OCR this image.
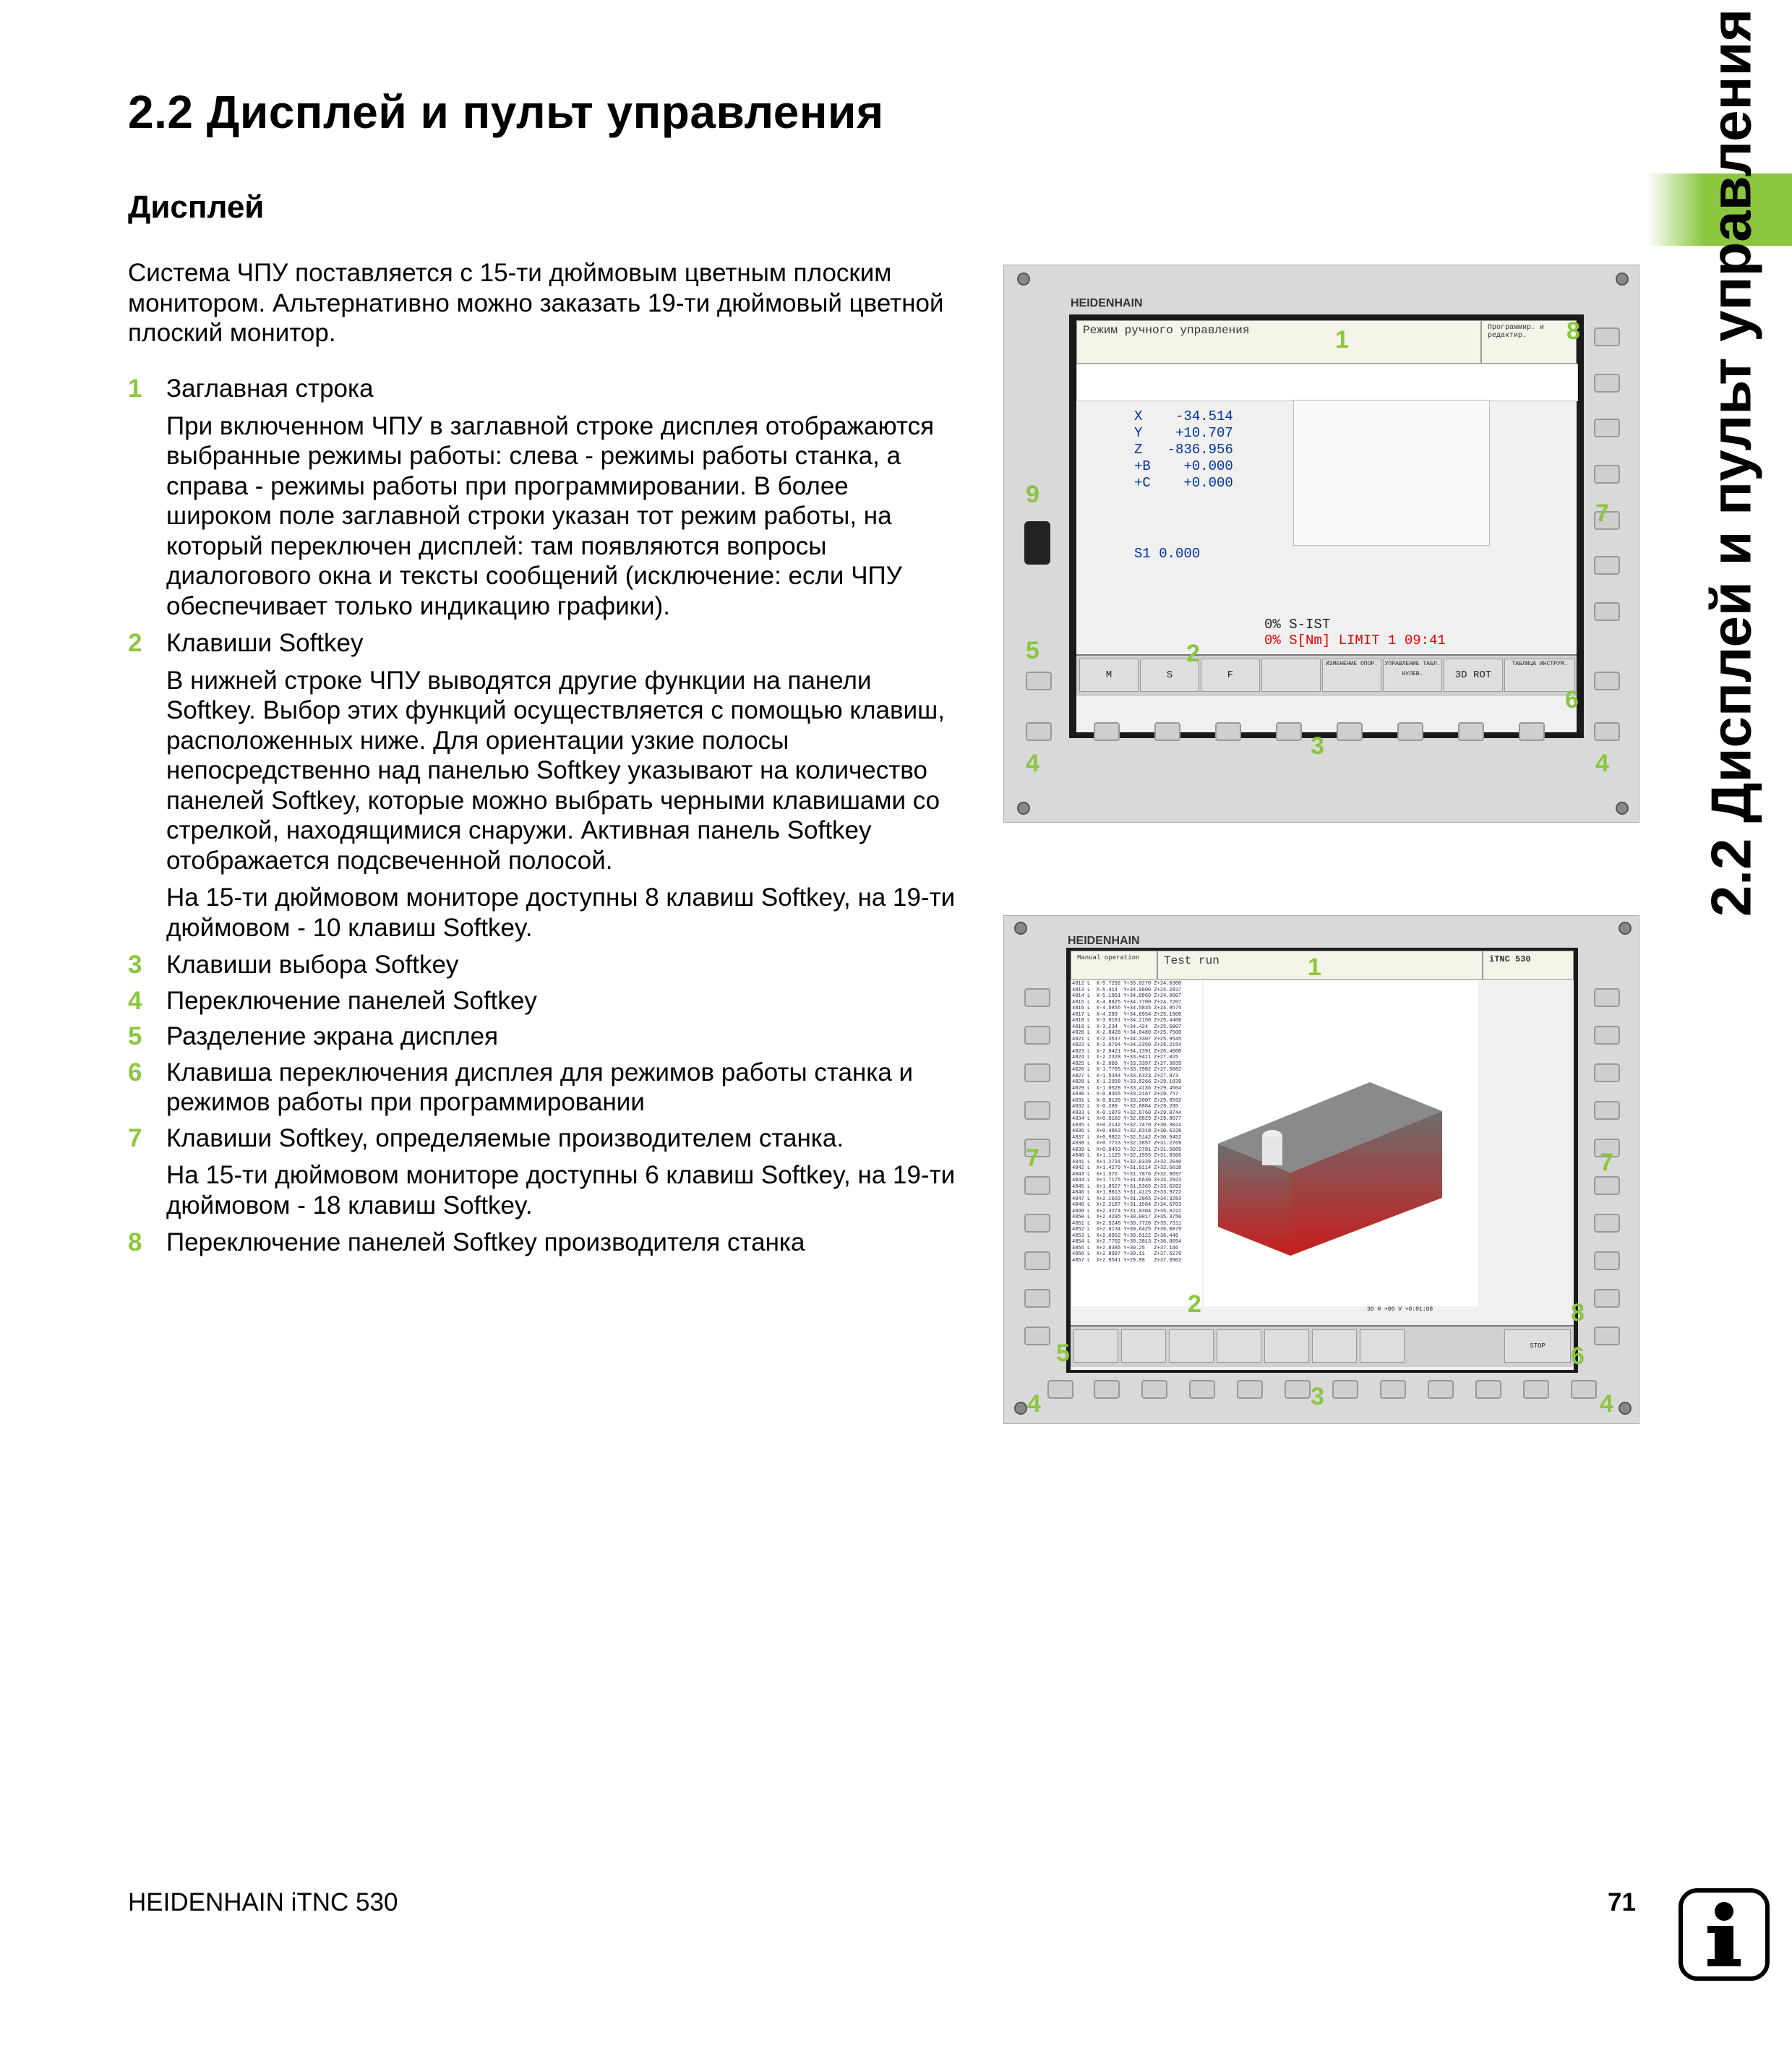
2.2 Дисплей и пульт управления
Дисплей
Система ЧПУ поставляется с 15-ти дюймовым цветным плоским монитором. Альтернативно можно заказать 19-ти дюймовый цветной плоский монитор.
1 Заглавная строка
При включенном ЧПУ в заглавной строке дисплея отображаются выбранные режимы работы: слева - режимы работы станка, а справа - режимы работы при программировании. В более широком поле заглавной строки указан тот режим работы, на который переключен дисплей: там появляются вопросы диалогового окна и тексты сообщений (исключение: если ЧПУ обеспечивает только индикацию графики).
2 Клавиши Softkey
В нижней строке ЧПУ выводятся другие функции на панели Softkey. Выбор этих функций осуществляется с помощью клавиш, расположенных ниже. Для ориентации узкие полосы непосредственно над панелью Softkey указывают на количество панелей Softkey, которые можно выбрать черными клавишами со стрелкой, находящимися снаружи. Активная панель Softkey отображается подсвеченной полосой.
На 15-ти дюймовом мониторе доступны 8 клавиш Softkey, на 19-ти дюймовом - 10 клавиш Softkey.
3 Клавиши выбора Softkey
4 Переключение панелей Softkey
5 Разделение экрана дисплея
6 Клавиша переключения дисплея для режимов работы станка и режимов работы при программировании
7 Клавиши Softkey, определяемые производителем станка.
На 15-ти дюймовом мониторе доступны 6 клавиш Softkey, на 19-ти дюймовом - 18 клавиш Softkey.
8 Переключение панелей Softkey производителя станка
2.2 Дисплей и пульт управления
HEIDENHAIN
Режим ручного управления	Программир. и редактир.
X -34.514
Y +10.707
Z -836.956
+B +0.000
+C +0.000
S1 0.000
0% S-IST
0% S[Nm] LIMIT 1 09:41
M	S	F
ИЗМЕНЕНИЕ ОПОР.	УПРАВЛЕНИЕ ТАБЛ. НУЛЕВ.	3D ROT
ТАБЛИЦА ИНСТРУМ.
1
2
3
4	4
5
6
7
8
9
HEIDENHAIN
Manual operation	Test run	iTNC 530
4812 L  X-5.7292 Y+35.0270 Z+24.0300
4813 L  X-5.414  Y+34.9800 Z+24.2817
4814 L  X-5.1861 Y+34.8860 Z+24.6007
4815 L  X-4.8825 Y+34.7700 Z+24.7207
4816 L  X-4.5855 Y+34.5835 Z+24.9575
4817 L  X-4.289  Y+34.6954 Z+25.1900
4818 L  X-3.8181 Y+34.2150 Z+25.4406
4819 L  X-3.234  Y+34.424  Z+25.6007
4820 L  X-2.8428 Y+34.0480 Z+25.7500
4821 L  X-2.3537 Y+34.3307 Z+25.9545
4822 L  X-2.0704 Y+34.2350 Z+26.2154
4823 L  X-2.8421 Y+34.1391 Z+26.4000
4824 L  X-2.2328 Y+33.9411 Z+27.025
4825 L  X-2.009  Y+33.3397 Z+27.3835
4826 L  X-1.7705 Y+33.7982 Z+27.5082
4827 L  X-1.5344 Y+33.6323 Z+27.973
4828 L  X-1.2958 Y+33.5266 Z+29.1839
4829 L  X-1.0528 Y+33.4136 Z+29.4504
4830 L  X-0.8355 Y+33.2167 Z+29.757
4831 L  X-0.8139 Y+33.2007 Z+29.8592
4832 L  X-0.289  Y+32.8884 Z+29.285
4833 L  X-0.1070 Y+32.8760 Z+29.0744
4834 L  X+0.0182 Y+32.8829 Z+29.8077
4835 L  X+0.2142 Y+32.7470 Z+30.3024
4836 L  X+0.4863 Y+32.8318 Z+30.6228
4837 L  X+0.9822 Y+32.5142 Z+30.9452
4838 L  X+0.7713 Y+32.3857 Z+31.2769
4839 L  X+0.9453 Y+32.2781 Z+31.5085
4840 L  X+1.1125 Y+32.1555 Z+31.8366
4841 L  X+1.2734 Y+32.0339 Z+32.2040
4842 L  X+1.4279 Y+31.9114 Z+32.6018
4843 L  X+1.576  Y+31.7876 Z+32.9697
4844 L  X+1.7175 Y+31.6630 Z+33.2923
4845 L  X+1.8527 Y+31.5365 Z+33.6262
4846 L  X+1.9813 Y+31.4125 Z+33.9722
4847 L  X+2.1033 Y+31.2865 Z+34.3283
4848 L  X+2.2187 Y+31.1584 Z+34.6703
4849 L  X+2.3274 Y+31.0304 Z+35.0222
4850 L  X+2.4295 Y+30.9017 Z+35.3750
4851 L  X+2.5248 Y+30.7726 Z+35.7311
4852 L  X+2.6134 Y+30.6425 Z+36.0879
4853 L  X+2.6952 Y+30.5122 Z+36.446
4854 L  X+2.7702 Y+30.3813 Z+36.8054
4855 L  X+2.8385 Y+30.25   Z+37.166
4856 L  X+2.8997 Y+30.11   Z+37.5276
4857 L  X+2.9541 Y+29.98   Z+37.8902
30 H +00 V +0:01:08
STOP
1
2
3
4	4
5	6
7	7
8
HEIDENHAIN iTNC 530	71
